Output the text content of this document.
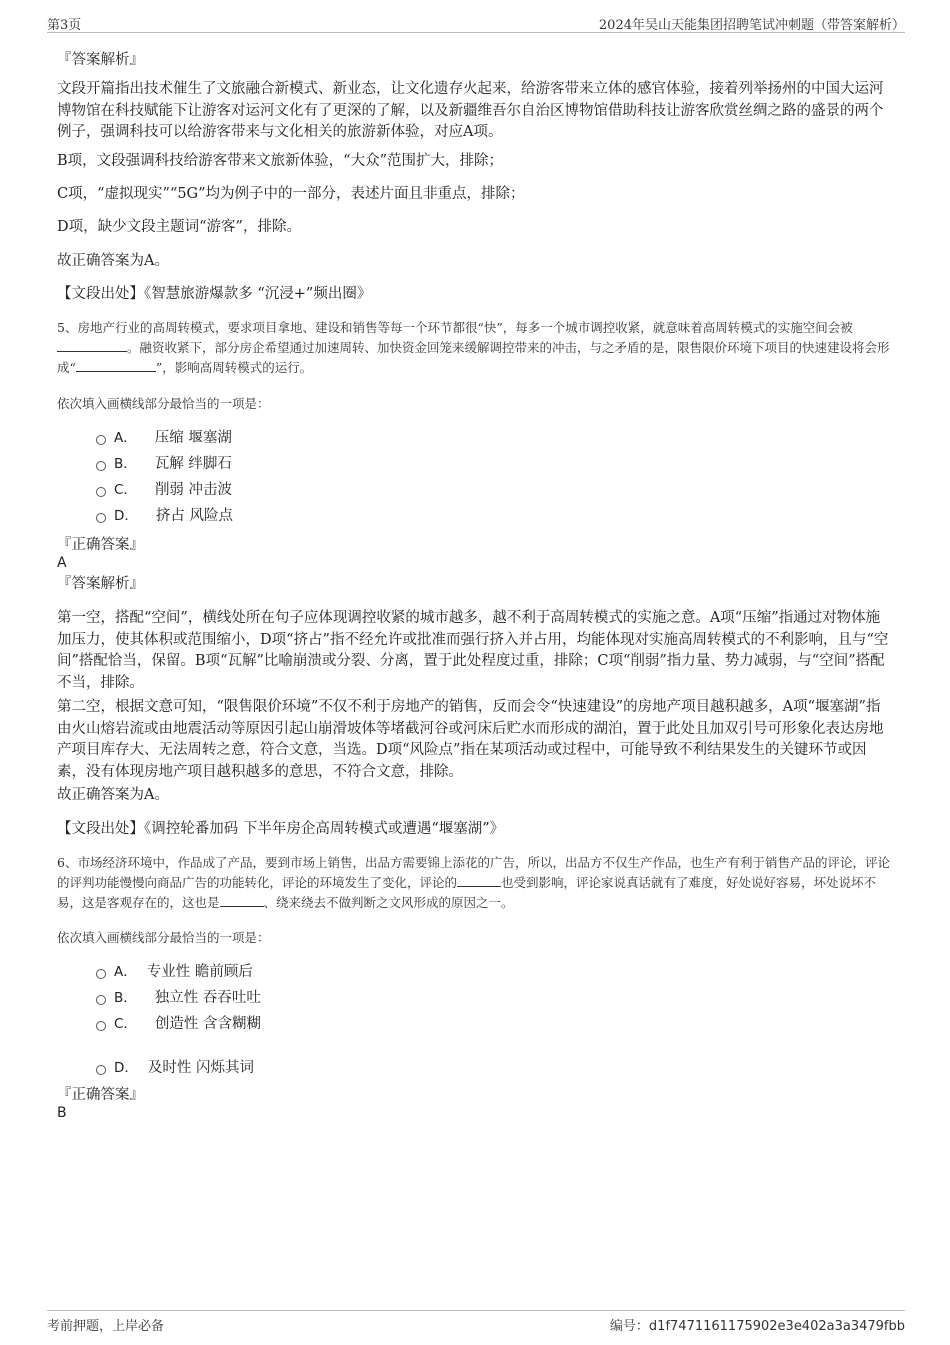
第3页	2024年吴山天能集团招聘笔试冲刺题（带答案解析）
『答案解析』
文段开篇指出技术催生了文旅融合新模式、新业态，让文化遗存火起来，给游客带来立体的感官体验，接着列举扬州的中国大运河博物馆在科技赋能下让游客对运河文化有了更深的了解，以及新疆维吾尔自治区博物馆借助科技让游客欣赏丝绸之路的盛景的两个例子，强调科技可以给游客带来与文化相关的旅游新体验，对应A项。
B项，文段强调科技给游客带来文旅新体验，“大众”范围扩大，排除；
C项，“虚拟现实”“5G”均为例子中的一部分，表述片面且非重点，排除；
D项，缺少文段主题词“游客”，排除。
故正确答案为A。
【文段出处】《智慧旅游爆款多 “沉浸+”频出圈》
5、房地产行业的高周转模式，要求项目拿地、建设和销售等每一个环节都很“快”，每多一个城市调控收紧，就意味着高周转模式的实施空间会被。融资收紧下，部分房企希望通过加速周转、加快资金回笼来缓解调控带来的冲击，与之矛盾的是，限售限价环境下项目的快速建设将会形成“	”，影响高周转模式的运行。
依次填入画横线部分最恰当的一项是：
A． 压缩 堰塞湖
B． 瓦解 绊脚石
C． 削弱 冲击波
D． 挤占 风险点
『正确答案』
A
『答案解析』
第一空，搭配“空间”，横线处所在句子应体现调控收紧的城市越多，越不利于高周转模式的实施之意。A项“压缩”指通过对物体施加压力，使其体积或范围缩小，D项“挤占”指不经允许或批准而强行挤入并占用，均能体现对实施高周转模式的不利影响，且与“空间”搭配恰当，保留。B项“瓦解”比喻崩溃或分裂、分离，置于此处程度过重，排除；C项“削弱”指力量、势力减弱，与“空间”搭配不当，排除。
第二空，根据文意可知，“限售限价环境”不仅不利于房地产的销售，反而会令“快速建设”的房地产项目越积越多，A项“堰塞湖”指由火山熔岩流或由地震活动等原因引起山崩滑坡体等堵截河谷或河床后贮水而形成的湖泊，置于此处且加双引号可形象化表达房地产项目库存大、无法周转之意，符合文意，当选。D项“风险点”指在某项活动或过程中，可能导致不利结果发生的关键环节或因素，没有体现房地产项目越积越多的意思，不符合文意，排除。
故正确答案为A。
【文段出处】《调控轮番加码 下半年房企高周转模式或遭遇“堰塞湖”》
6、市场经济环境中，作品成了产品，要到市场上销售，出品方需要锦上添花的广告，所以，出品方不仅生产作品，也生产有利于销售产品的评论，评论的评判功能慢慢向商品广告的功能转化，评论的环境发生了变化，评论的	也受到影响，评论家说真话就有了难度，好处说好容易，坏处说坏不易，这是客观存在的，这也是	、绕来绕去不做判断之文风形成的原因之一。
依次填入画横线部分最恰当的一项是：
A． 专业性 瞻前顾后
B． 独立性 吞吞吐吐
C． 创造性 含含糊糊
D． 及时性 闪烁其词
『正确答案』
B
考前押题，上岸必备	编号：d1f7471161175902e3e402a3a3479fbb
